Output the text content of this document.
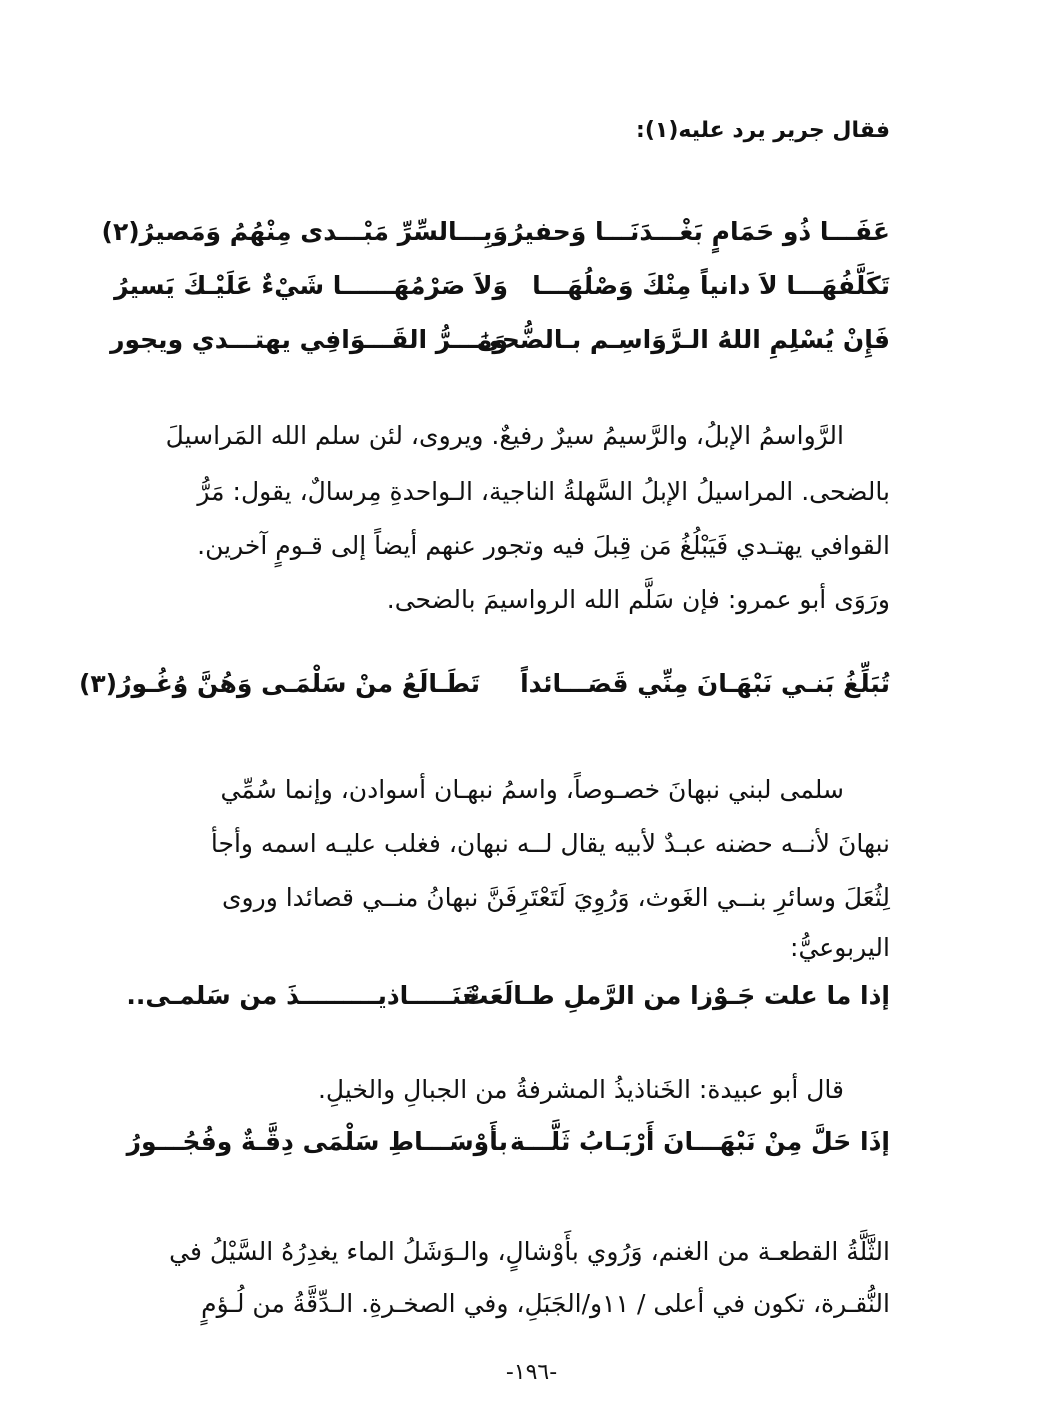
فقال جرير يرد عليه(١):
عَفَـــا ذُو حَمَامٍ بَغْـــدَنَـــا وَحفيرُ
وَبِـــالسِّرِّ مَبْـــدى مِنْهُمُ وَمَصيرُ(٢)
تَكَلَّفُهَـــا لاَ دانياً مِنْكَ وَصْلُهَـــا
وَلاَ صَرْمُهَــــــا شَيْءٌ عَلَيْـكَ يَسيرُ
فَإِنْ يُسْلِمِ اللهُ الـرَّوَاسِـم بـالضُّحىٰ
وَمَـــرُّ القَـــوَافِي يهتـــدي ويجور
الرَّواسمُ الإبلُ، والرَّسيمُ سيرٌ رفيعٌ. ويروى، لئن سلم الله المَراسيلَ
بالضحى. المراسيلُ الإبلُ السَّهلةُ الناجية، الـواحدةِ مِرسالٌ، يقول: مَرُّ
القوافي يهتـدي فَيَبْلُغُ مَن قِبلَ فيه وتجور عنهم أيضاً إلى قـومٍ آخرين.
ورَوَى أبو عمرو: فإن سَلَّم الله الرواسيمَ بالضحى.
تُبَلِّغُ بَنـي نَبْهَـانَ مِنِّي قَصَـــائداً
تَطَـالَعُ منْ سَلْمَـى وَهُنَّ وُغُـورُ(٣)
سلمى لبني نبهانَ خصـوصاً، واسمُ نبهـان أسوادن، وإنما سُمِّي
نبهانَ لأنــه حضنه عبـدٌ لأبيه يقال لــه نبهان، فغلب عليـه اسمه وأجأ
لِثُعَلَ وسائرِ بنــي الغَوث، وَرُوِيَ لَتَعْتَرِفَنَّ نبهانُ منــي قصائدا وروى
اليربوعيُّ:
إذا ما علت جَـوْزا من الرَّملِ طـالَعَتْ
خَنَـــــاذيـــــــــذَ من سَلمـى..
قال أبو عبيدة: الخَناذيذُ المشرفةُ من الجبالِ والخيلِ.
إذَا حَلَّ مِنْ نَبْهَـــانَ أَرْبَـابُ ثَلَّـــة
بأَوْسَـــاطِ سَلْمَى دِقَّـةٌ وفُجُـــورُ
الثَّلَّةُ القطعـة من الغنم، وَرُوي بأَوْشالٍ، والـوَشَلُ الماء يغدِرُهُ السَّيْلُ في
النُّقـرة، تكون في أعلى / ١١و/الجَبَلِ، وفي الصخـرةِ. الـدِّقَّةُ من لُـؤمٍ
-١٩٦-
